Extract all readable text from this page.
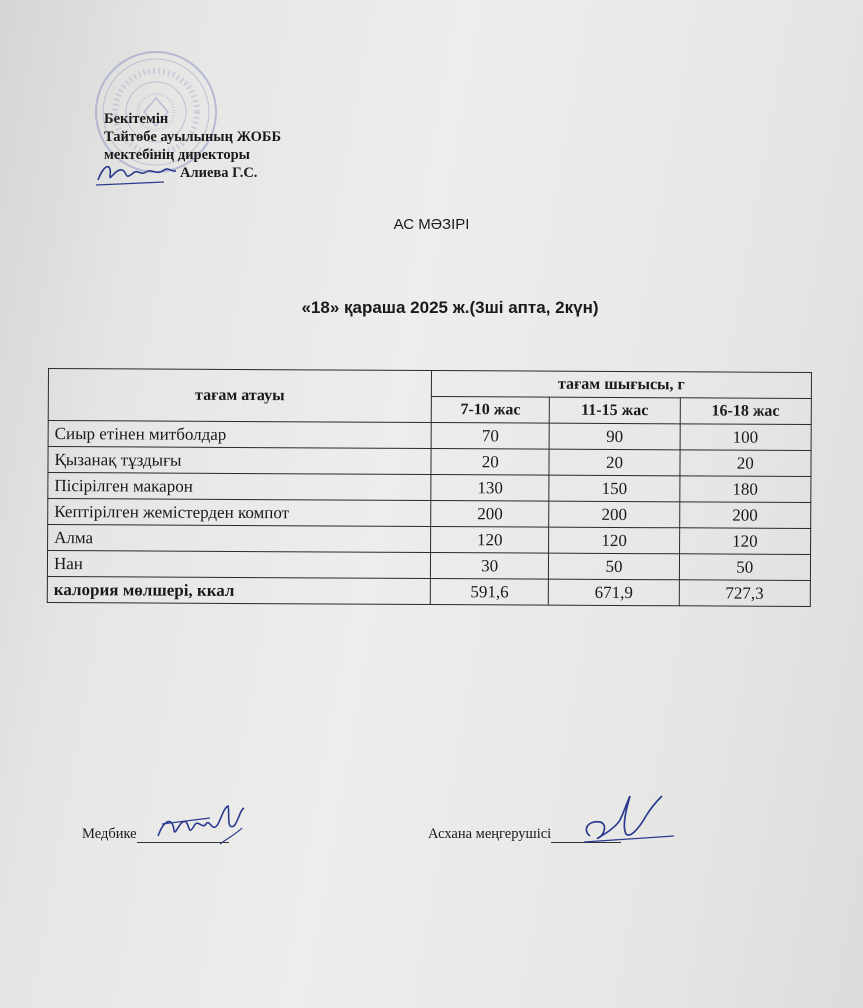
Бекітемін
Тайтөбе ауылының ЖОББ
мектебінің директоры
Алиева Г.С.
АС МӘЗІРІ
«18» қараша 2025 ж.(3ші апта, 2күн)
тағам атауы	тағам шығысы, г		
	7-10 жас	11-15 жас	16-18 жас
Сиыр етінен митболдар	70	90	100
Қызанақ тұздығы	20	20	20
Пісірілген макарон	130	150	180
Кептірілген жемістерден компот	200	200	200
Алма	120	120	120
Нан	30	50	50
калория мөлшері, ккал	591,6	671,9	727,3
Медбике	Асхана меңгерушісі
